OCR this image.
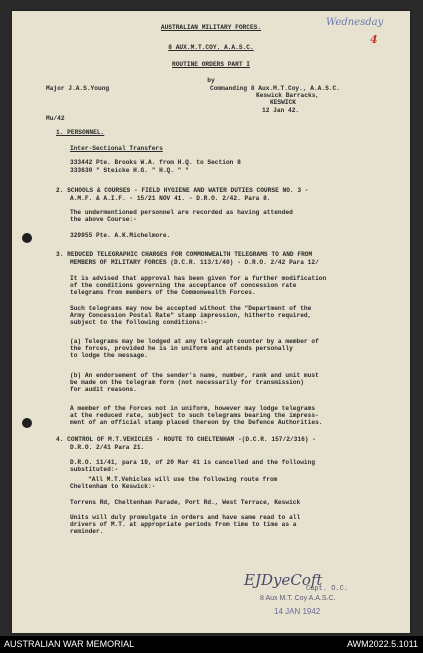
4
Wednesday
AUSTRALIAN MILITARY FORCES.
8 AUX.M.T.COY. A.A.S.C.
ROUTINE ORDERS PART I
by
Major J.A.S.Young	Commanding 8 Aux.M.T.Coy., A.A.S.C.
Keswick Barracks,
KESWICK
12 Jan 42.
Mu/42
1. PERSONNEL.
Inter-Sectional Transfers
333442 Pte. Brooks W.A. from H.Q. to Section 8
333630 " Steicke H.G. " H.Q. " "
2. SCHOOLS & COURSES - FIELD HYGIENE AND WATER DUTIES COURSE NO. 3 -
A.M.F. & A.I.F. - 15/21 NOV 41. - D.R.O. 2/42. Para 8.
The undermentioned personnel are recorded as having attended
the above Course:-
329955 Pte. A.K.Michelmore.
3. REDUCED TELEGRAPHIC CHARGES FOR COMMONWEALTH TELEGRAMS TO AND FROM
MEMBERS OF MILITARY FORCES (D.C.R. 113/1/40) - D.R.O. 2/42 Para 12/
It is advised that approval has been given for a further modification
of the conditions governing the acceptance of concession rate
telegrams from members of the Commonwealth Forces.
Such telegrams may now be accepted without the "Department of the
Army Concession Postal Rate" stamp impression, hitherto required,
subject to the following conditions:-
(a) Telegrams may be lodged at any telegraph counter by a member of
the forces, provided he is in uniform and attends personally
to lodge the message.
(b) An endorsement of the sender's name, number, rank and unit must
be made on the telegram form (not necessarily for transmission)
for audit reasons.
A member of the Forces not in uniform, however may lodge telegrams
at the reduced rate, subject to such telegrams bearing the impress-
ment of an official stamp placed thereon by the Defence Authorities.
4. CONTROL OF M.T.VEHICLES - ROUTE TO CHELTENHAM -(D.C.R. 157/2/316) -
D.R.O. 2/41 Para 21.
D.R.O. 11/41, para 19, of 20 Mar 41 is cancelled and the following
substituted:-
"All M.T.Vehicles will use the following route from
Cheltenham to Keswick:-
Torrens Rd, Cheltenham Parade, Port Rd., West Terrace, Keswick
Units will duly promulgate in orders and have same read to all
drivers of M.T. at appropriate periods from time to time as a
reminder.
EJDyeCoft
Capt. O.C.
8 Aux M.T. Coy A.A.S.C.
14 JAN 1942
AUSTRALIAN WAR MEMORIAL	AWM2022.5.1011
